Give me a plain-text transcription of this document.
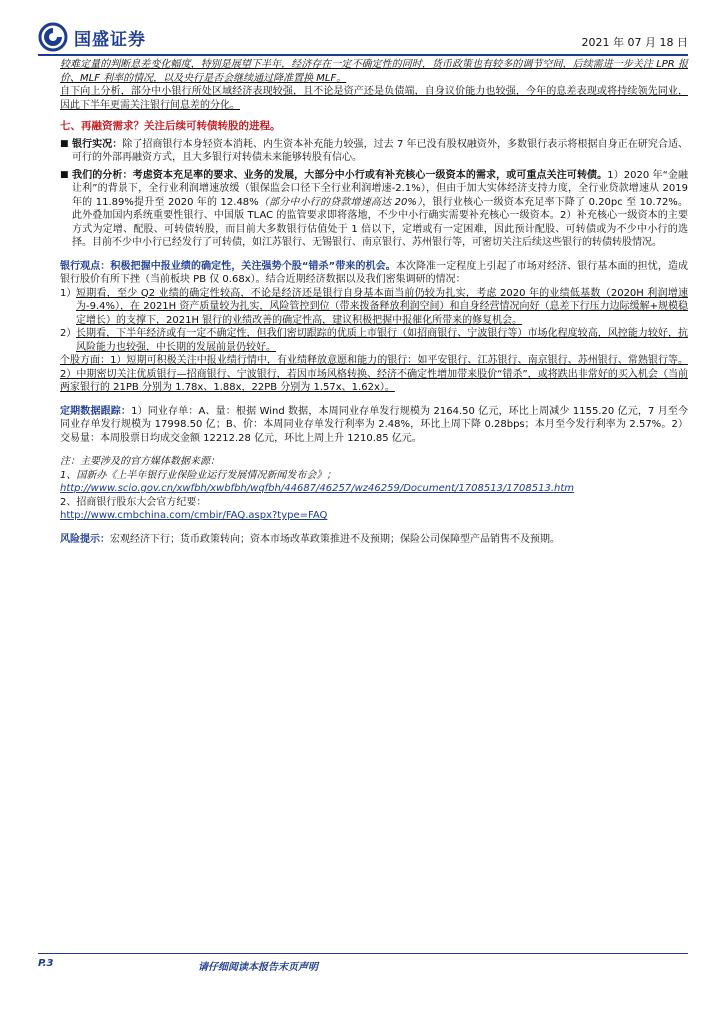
国盛证券	2021 年 07 月 18 日

较难定量的判断息差变化幅度，特别是展望下半年，经济存在一定不确定性的同时，货币政策也有较多的调节空间，后续需进一步关注 LPR 报价、MLF 利率的情况，以及央行是否会继续通过降准置换 MLF。

自下向上分析，部分中小银行所处区域经济表现较强，且不论是资产还是负债端，自身议价能力也较强，今年的息差表现或将持续领先同业，因此下半年更需关注银行间息差的分化。

七、再融资需求？关注后续可转债转股的进程。
■ 银行实况：除了招商银行本身轻资本消耗、内生资本补充能力较强，过去 7 年已没有股权融资外，多数银行表示将根据自身正在研究合适、可行的外部再融资方式，且大多银行对转债未来能够转股有信心。
■ 我们的分析：考虑资本充足率的要求、业务的发展，大部分中小行或有补充核心一级资本的需求，或可重点关注可转债。1）2020 年“金融让利”的背景下，全行业利润增速放缓（银保监会口径下全行业利润增速-2.1%），但由于加大实体经济支持力度，全行业贷款增速从 2019 年的 11.89%提升至 2020 年的 12.48%（部分中小行的贷款增速高达 20%），银行业核心一级资本充足率下降了 0.20pc 至 10.72%。此外叠加国内系统重要性银行、中国版 TLAC 的监管要求即将落地，不少中小行确实需要补充核心一级资本。2）补充核心一级资本的主要方式为定增、配股、可转债转股，而目前大多数银行估值处于 1 倍以下，定增或有一定困难，因此预计配股、可转债或为不少中小行的选择。目前不少中小行已经发行了可转债，如江苏银行、无锡银行、南京银行、苏州银行等，可密切关注后续这些银行的转债转股情况。

银行观点：积极把握中报业绩的确定性，关注强势个股“错杀”带来的机会。本次降准一定程度上引起了市场对经济、银行基本面的担忧，造成银行股价有所下挫（当前板块 PB 仅 0.68x）。结合近期经济数据以及我们密集调研的情况：

1） 短期看，至少 Q2 业绩的确定性较高，不论是经济还是银行自身基本面当前仍较为扎实，考虑 2020 年的业绩低基数（2020H 利润增速为-9.4%），在 2021H 资产质量较为扎实，风险管控到位（带来拨备释放利润空间）和自身经营情况向好（息差下行压力边际缓解+规模稳定增长）的支撑下，2021H 银行的业绩改善的确定性高，建议积极把握中报催化所带来的修复机会。
2） 长期看，下半年经济或有一定不确定性，但我们密切跟踪的优质上市银行（如招商银行、宁波银行等）市场化程度较高，风控能力较好，抗风险能力也较强，中长期的发展前景仍较好。

个股方面：1）短期可积极关注中报业绩行情中，有业绩释放意愿和能力的银行：如平安银行、江苏银行、南京银行、苏州银行、常熟银行等。2）中期密切关注优质银行—招商银行、宁波银行，若因市场风格转换、经济不确定性增加带来股价“错杀”，或将跌出非常好的买入机会（当前两家银行的 21PB 分别为 1.78x、1.88x，22PB 分别为 1.57x、1.62x）。

定期数据跟踪：1）同业存单：A、量：根据 Wind 数据，本周同业存单发行规模为 2164.50 亿元，环比上周减少 1155.20 亿元，7 月至今同业存单发行规模为 17998.50 亿；B、价：本周同业存单发行利率为 2.48%，环比上周下降 0.28bps；本月至今发行利率为 2.57%。2）交易量：本周股票日均成交金额 12212.28 亿元，环比上周上升 1210.85 亿元。

注：主要涉及的官方媒体数据来源：

1、国新办《上半年银行业保险业运行发展情况新闻发布会》；

http://www.scio.gov.cn/xwfbh/xwbfbh/wqfbh/44687/46257/wz46259/Document/1708513/1708513.htm

2、招商银行股东大会官方纪要：

http://www.cmbchina.com/cmbir/FAQ.aspx?type=FAQ

风险提示：宏观经济下行；货币政策转向；资本市场改革政策推进不及预期；保险公司保障型产品销售不及预期。

P.3	请仔细阅读本报告末页声明
